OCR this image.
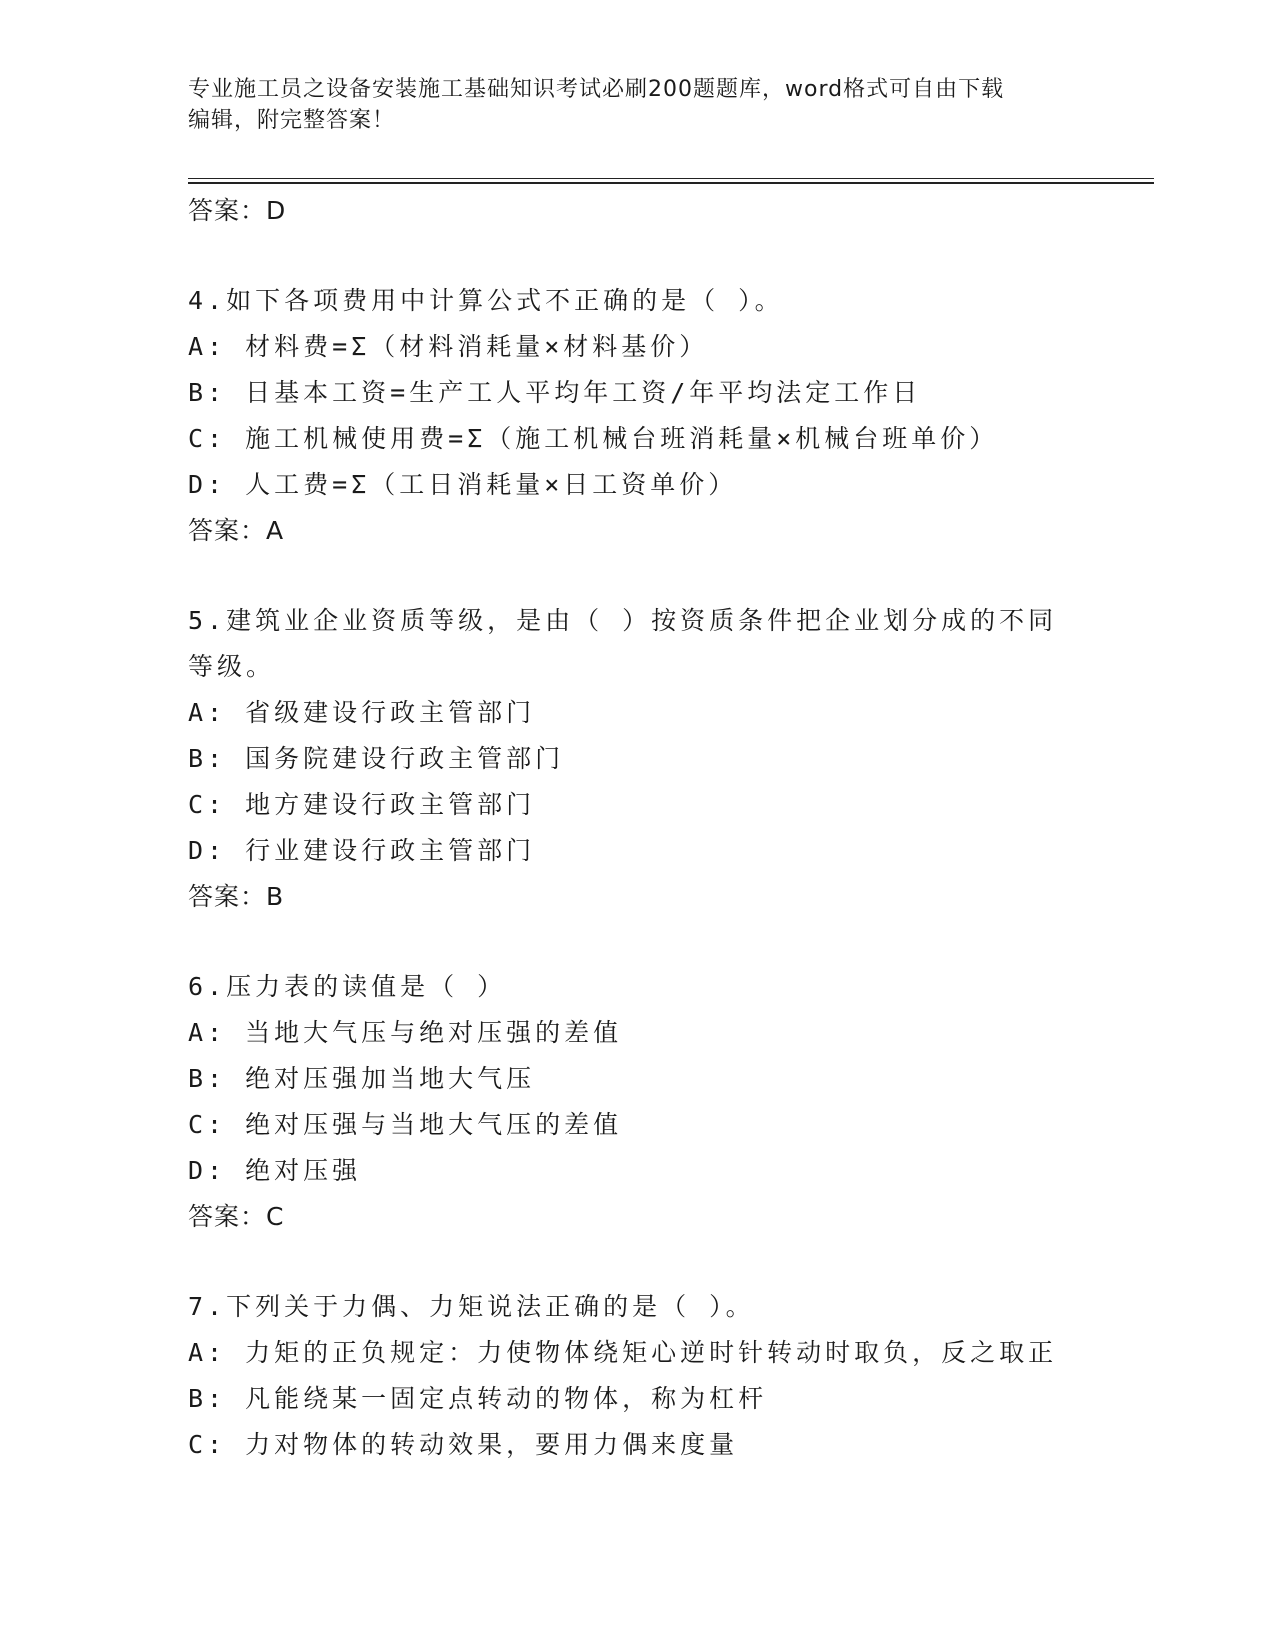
专业施工员之设备安装施工基础知识考试必刷200题题库，word格式可自由下载
编辑，附完整答案！
答案：D

4.如下各项费用中计算公式不正确的是（ ）。

A: 材料费=Σ（材料消耗量×材料基价）

B: 日基本工资=生产工人平均年工资/年平均法定工作日

C: 施工机械使用费=Σ（施工机械台班消耗量×机械台班单价）

D: 人工费=Σ（工日消耗量×日工资单价）

答案：A

5.建筑业企业资质等级，是由（ ）按资质条件把企业划分成的不同等级。

A: 省级建设行政主管部门

B: 国务院建设行政主管部门

C: 地方建设行政主管部门

D: 行业建设行政主管部门

答案：B

6.压力表的读值是（ ）

A: 当地大气压与绝对压强的差值

B: 绝对压强加当地大气压

C: 绝对压强与当地大气压的差值

D: 绝对压强

答案：C

7.下列关于力偶、力矩说法正确的是（ ）。

A: 力矩的正负规定：力使物体绕矩心逆时针转动时取负，反之取正

B: 凡能绕某一固定点转动的物体，称为杠杆

C: 力对物体的转动效果，要用力偶来度量
